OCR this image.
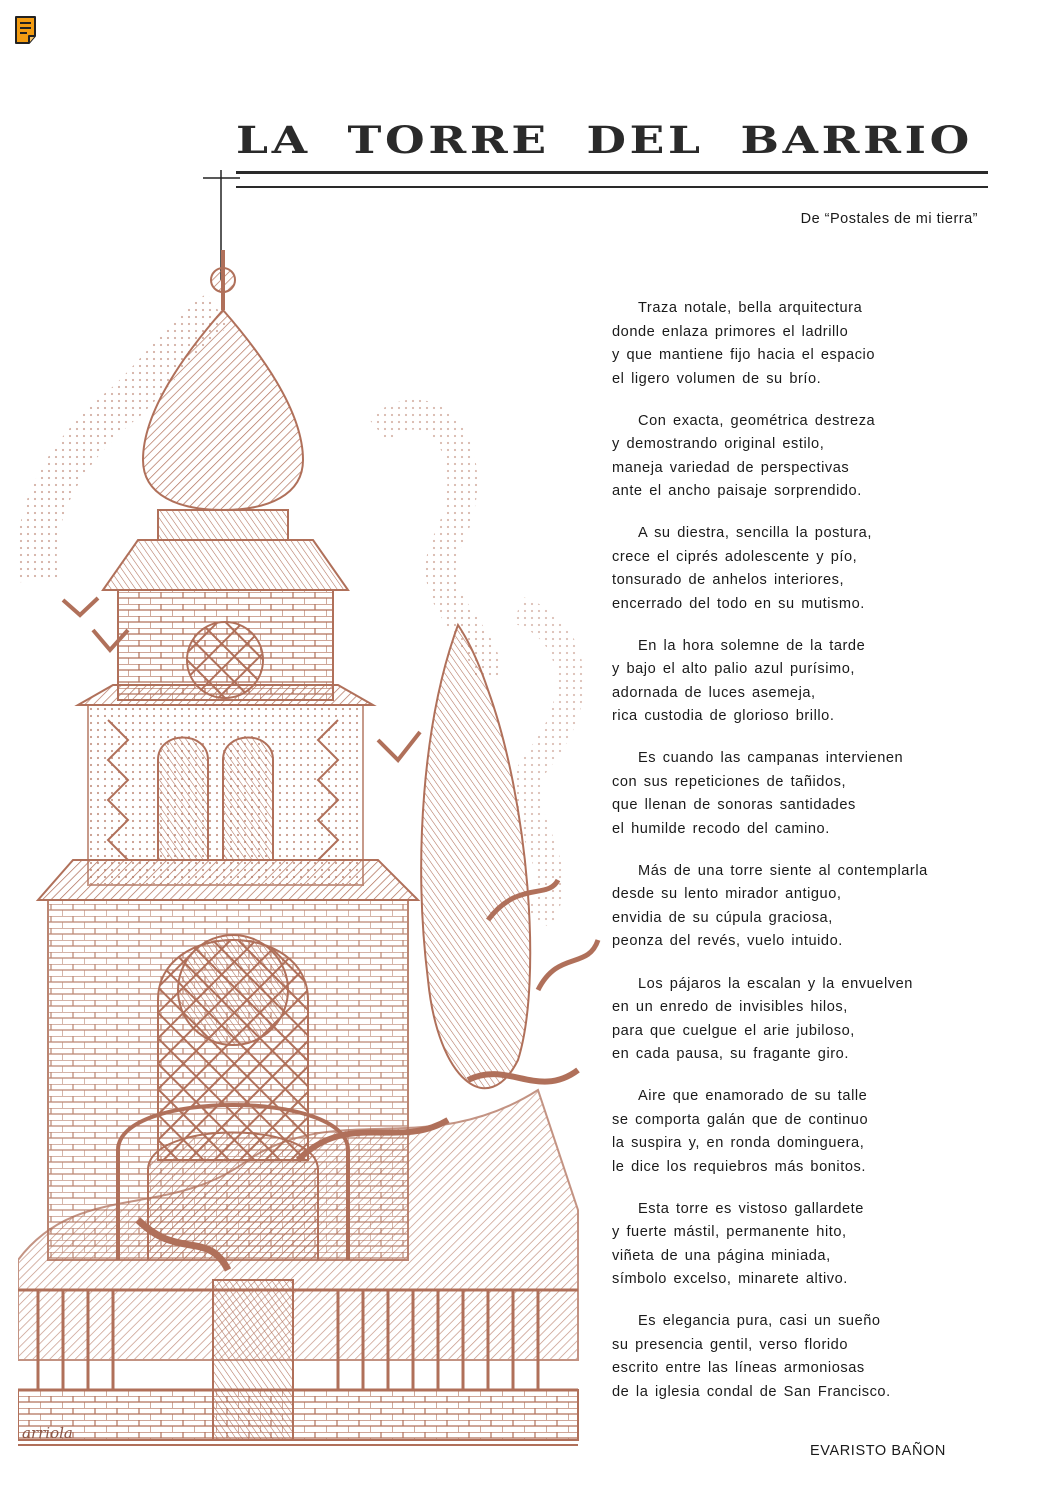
LA TORRE DEL BARRIO
De “Postales de mi tierra”
arriola
Traza notale, bella arquitectura
donde enlaza primores el ladrillo
y que mantiene fijo hacia el espacio
el ligero volumen de su brío.
Con exacta, geométrica destreza
y demostrando original estilo,
maneja variedad de perspectivas
ante el ancho paisaje sorprendido.
A su diestra, sencilla la postura,
crece el ciprés adolescente y pío,
tonsurado de anhelos interiores,
encerrado del todo en su mutismo.
En la hora solemne de la tarde
y bajo el alto palio azul purísimo,
adornada de luces asemeja,
rica custodia de glorioso brillo.
Es cuando las campanas intervienen
con sus repeticiones de tañidos,
que llenan de sonoras santidades
el humilde recodo del camino.
Más de una torre siente al contemplarla
desde su lento mirador antiguo,
envidia de su cúpula graciosa,
peonza del revés, vuelo intuido.
Los pájaros la escalan y la envuelven
en un enredo de invisibles hilos,
para que cuelgue el arie jubiloso,
en cada pausa, su fragante giro.
Aire que enamorado de su talle
se comporta galán que de continuo
la suspira y, en ronda dominguera,
le dice los requiebros más bonitos.
Esta torre es vistoso gallardete
y fuerte mástil, permanente hito,
viñeta de una página miniada,
símbolo excelso, minarete altivo.
Es elegancia pura, casi un sueño
su presencia gentil, verso florido
escrito entre las líneas armoniosas
de la iglesia condal de San Francisco.
EVARISTO BAÑON
